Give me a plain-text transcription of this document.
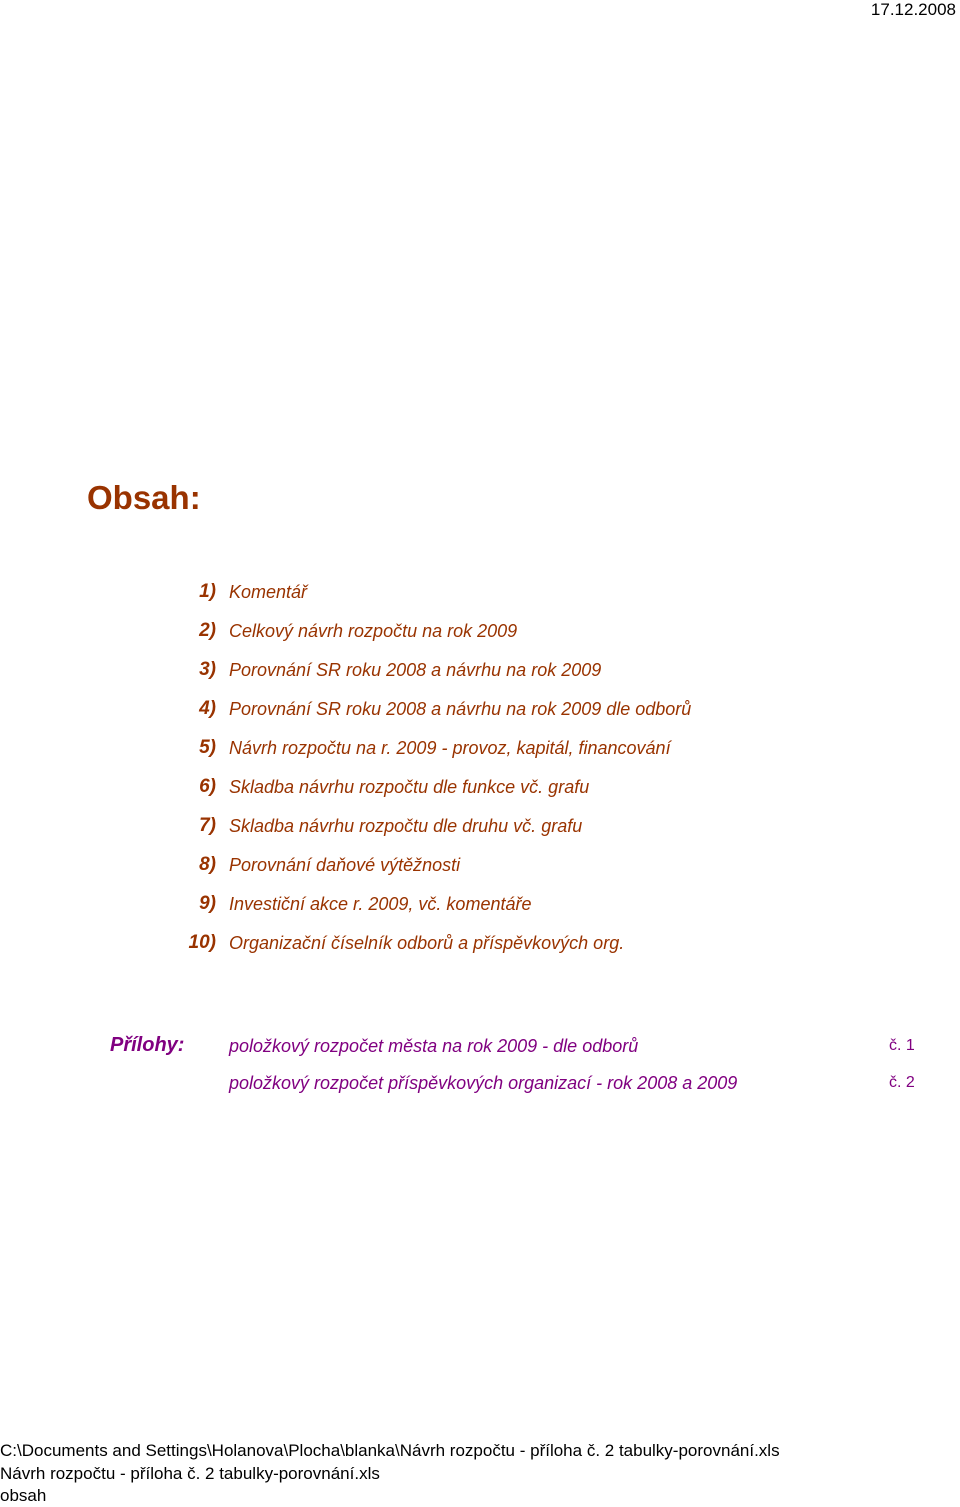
17.12.2008
Obsah:
1) Komentář
2) Celkový návrh rozpočtu na rok 2009
3) Porovnání SR roku 2008 a návrhu na rok 2009
4) Porovnání SR roku 2008 a návrhu na rok 2009 dle odborů
5) Návrh rozpočtu na r. 2009 - provoz, kapitál, financování
6) Skladba návrhu rozpočtu dle funkce vč. grafu
7) Skladba návrhu rozpočtu dle druhu vč. grafu
8) Porovnání daňové výtěžnosti
9) Investiční akce r. 2009, vč. komentáře
10) Organizační číselník odborů a příspěvkových org.
Přílohy: položkový rozpočet města na rok 2009 - dle odborů	č. 1
položkový rozpočet příspěvkových organizací - rok 2008 a 2009	č. 2
C:\Documents and Settings\Holanova\Plocha\blanka\Návrh rozpočtu - příloha č. 2 tabulky-porovnání.xls
Návrh rozpočtu - příloha č. 2 tabulky-porovnání.xls
obsah
